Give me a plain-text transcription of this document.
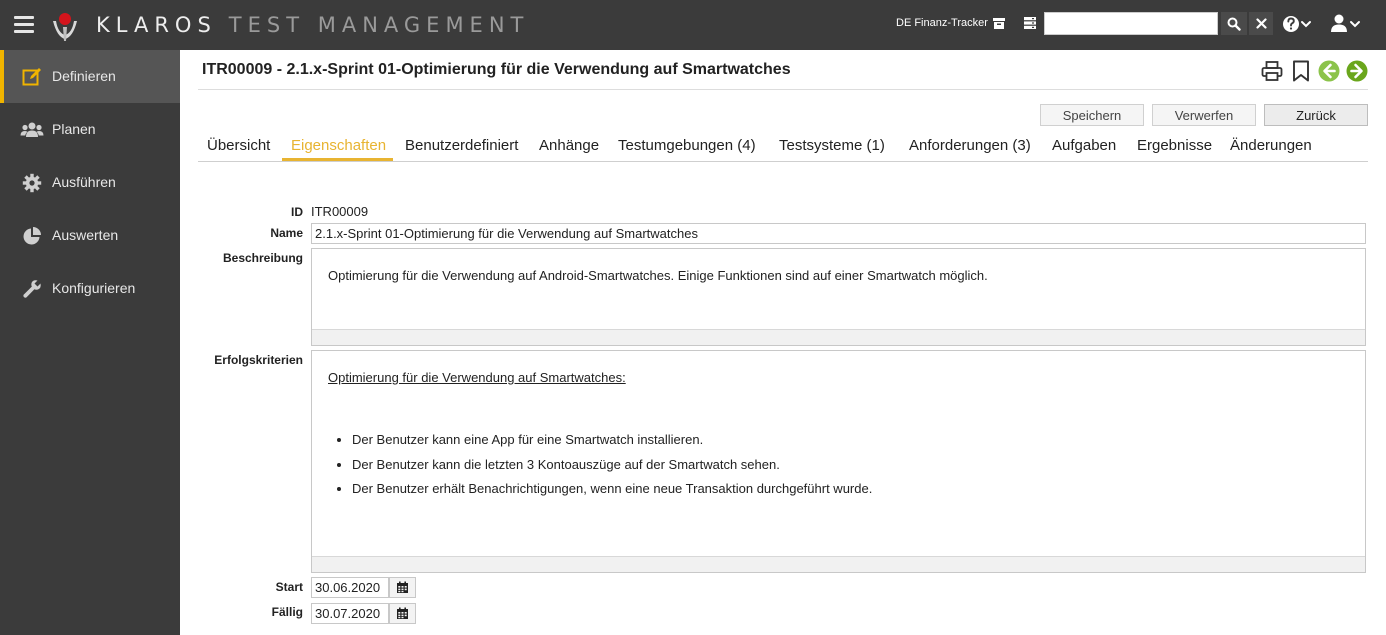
KLAROS TEST MANAGEMENT	DE Finanz-Tracker
Definieren
Planen
Ausführen
Auswerten
Konfigurieren
ITR00009 - 2.1.x-Sprint 01-Optimierung für die Verwendung auf Smartwatches
Speichern	Verwerfen	Zurück
Übersicht Eigenschaften Benutzerdefiniert Anhänge Testumgebungen (4) Testsysteme (1) Anforderungen (3) Aufgaben Ergebnisse Änderungen
ID ITR00009
Name
2.1.x-Sprint 01-Optimierung für die Verwendung auf Smartwatches
Beschreibung
Optimierung für die Verwendung auf Android-Smartwatches. Einige Funktionen sind auf einer Smartwatch möglich.
Erfolgskriterien
Optimierung für die Verwendung auf Smartwatches:
• Der Benutzer kann eine App für eine Smartwatch installieren.
• Der Benutzer kann die letzten 3 Kontoauszüge auf der Smartwatch sehen.
• Der Benutzer erhält Benachrichtigungen, wenn eine neue Transaktion durchgeführt wurde.
Start
30.06.2020
Fällig
30.07.2020
